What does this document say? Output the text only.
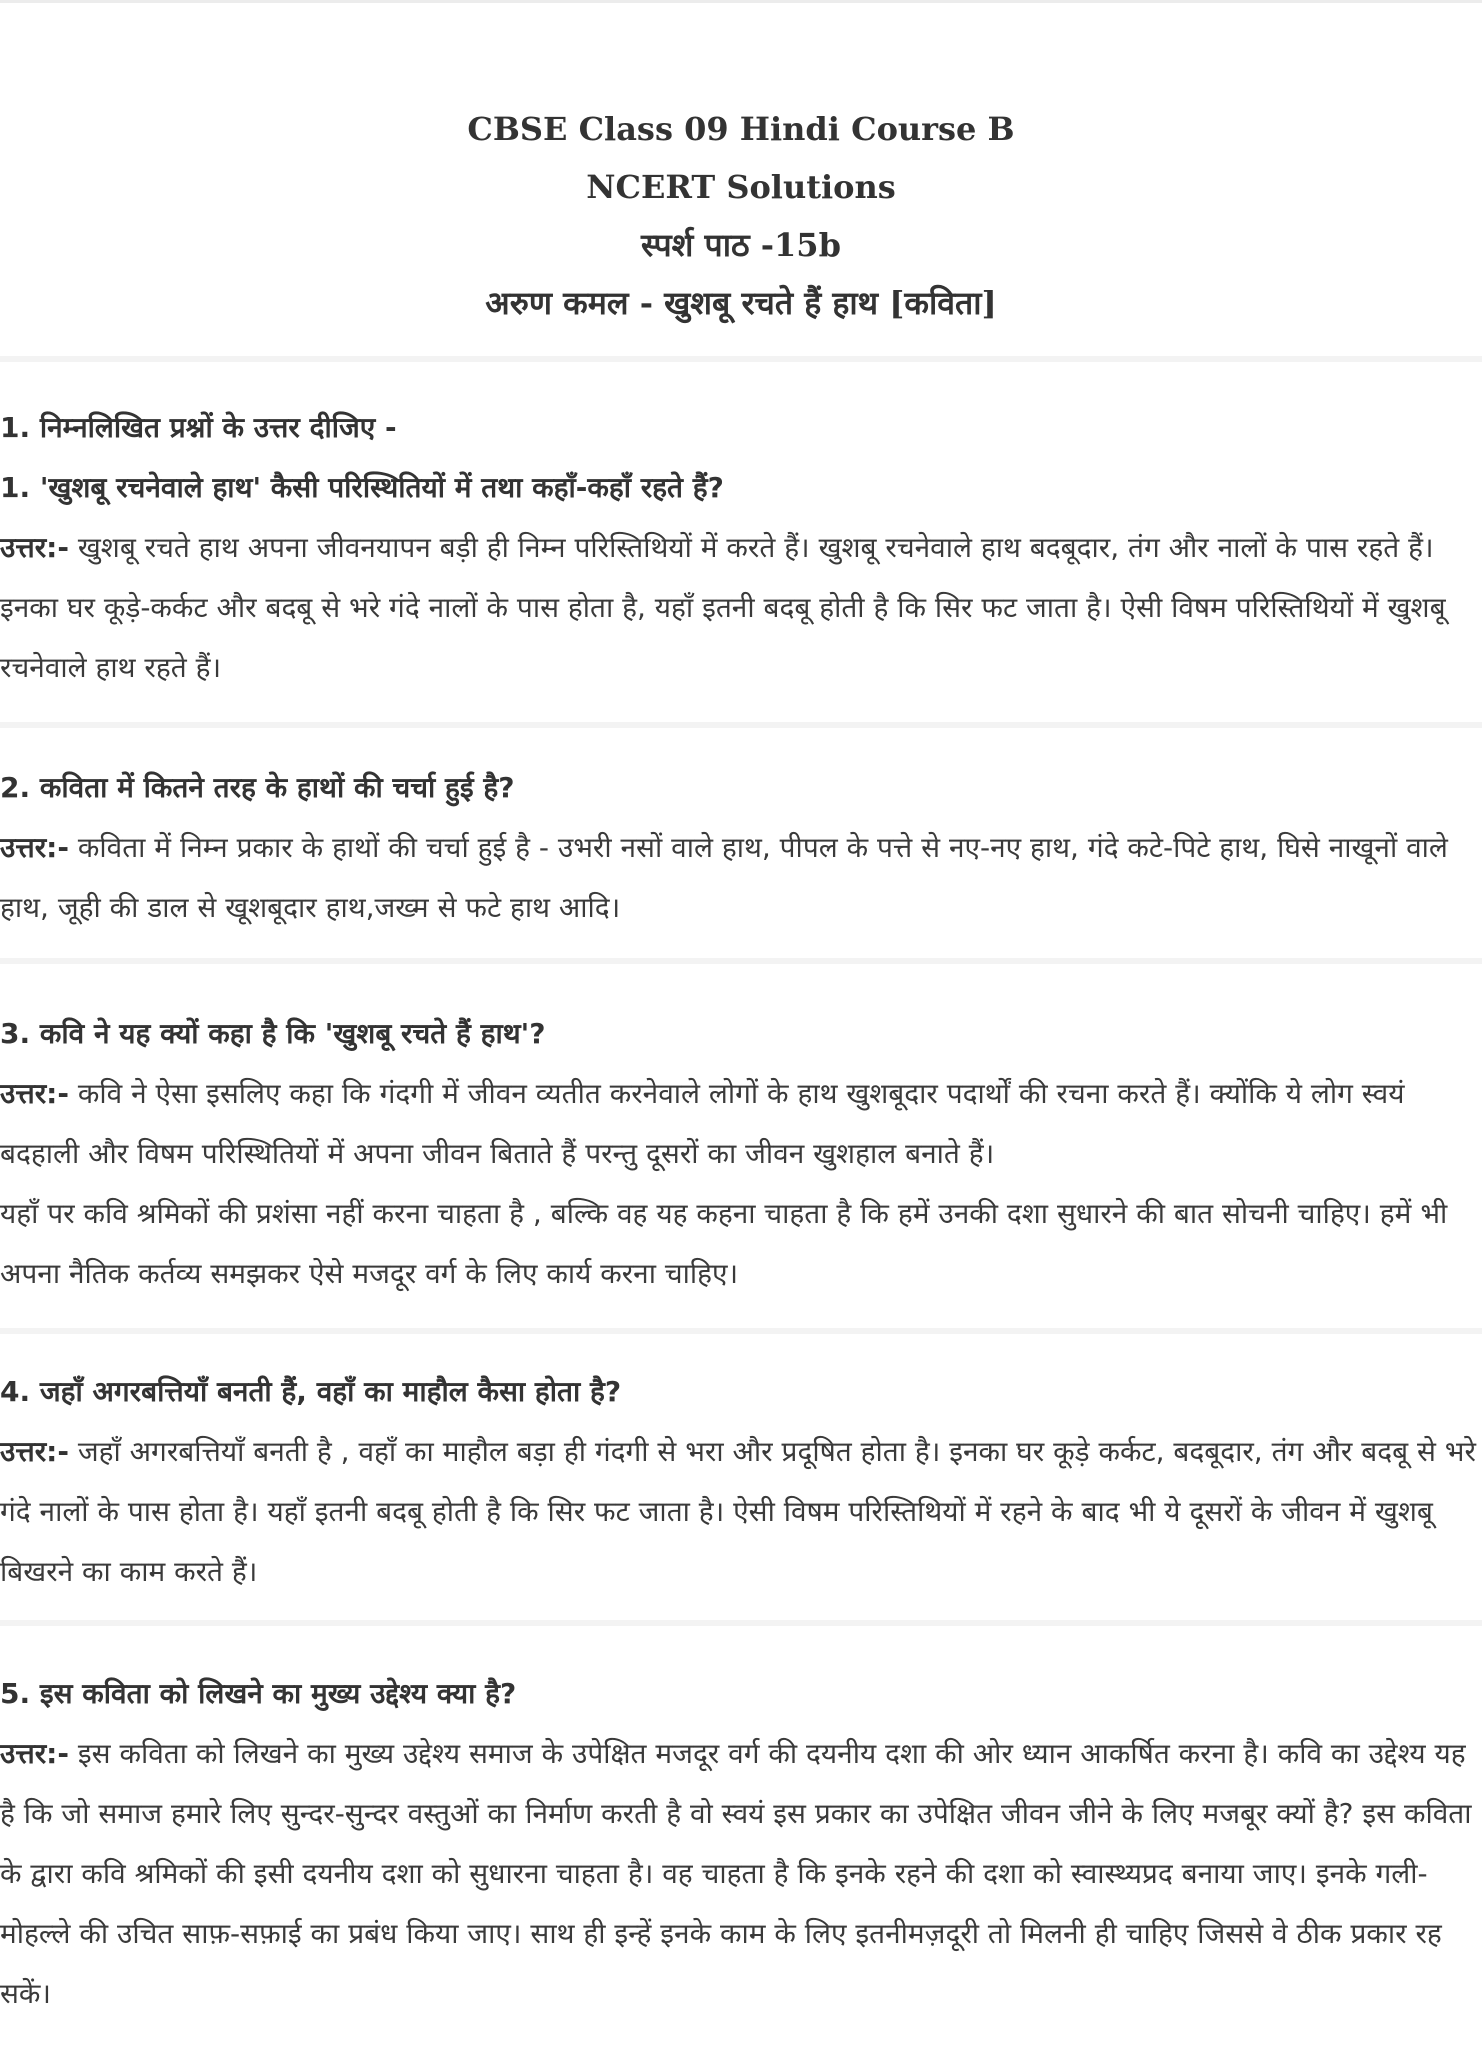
CBSE Class 09 Hindi Course B
NCERT Solutions
स्पर्श पाठ -15b
अरुण कमल - खुशबू रचते हैं हाथ [कविता]
1. निम्नलिखित प्रश्नों के उत्तर दीजिए -
1. 'खुशबू रचनेवाले हाथ' कैसी परिस्थितियों में तथा कहाँ-कहाँ रहते हैं?
उत्तर:- खुशबू रचते हाथ अपना जीवनयापन बड़ी ही निम्न परिस्तिथियों में करते हैं। खुशबू रचनेवाले हाथ बदबूदार, तंग और नालों के पास रहते हैं। इनका घर कूड़े-कर्कट और बदबू से भरे गंदे नालों के पास होता है, यहाँ इतनी बदबू होती है कि सिर फट जाता है। ऐसी विषम परिस्तिथियों में खुशबू रचनेवाले हाथ रहते हैं।
2. कविता में कितने तरह के हाथों की चर्चा हुई है?
उत्तर:- कविता में निम्न प्रकार के हाथों की चर्चा हुई है - उभरी नसों वाले हाथ, पीपल के पत्ते से नए-नए हाथ, गंदे कटे-पिटे हाथ, घिसे नाखूनों वाले हाथ, जूही की डाल से खूशबूदार हाथ,जख्म से फटे हाथ आदि।
3. कवि ने यह क्यों कहा है कि 'खुशबू रचते हैं हाथ'?
उत्तर:- कवि ने ऐसा इसलिए कहा कि गंदगी में जीवन व्यतीत करनेवाले लोगों के हाथ खुशबूदार पदार्थों की रचना करते हैं। क्योंकि ये लोग स्वयं बदहाली और विषम परिस्थितियों में अपना जीवन बिताते हैं परन्तु दूसरों का जीवन खुशहाल बनाते हैं।
यहाँ पर कवि श्रमिकों की प्रशंसा नहीं करना चाहता है , बल्कि वह यह कहना चाहता है कि हमें उनकी दशा सुधारने की बात सोचनी चाहिए। हमें भी अपना नैतिक कर्तव्य समझकर ऐसे मजदूर वर्ग के लिए कार्य करना चाहिए।
4. जहाँ अगरबत्तियाँ बनती हैं, वहाँ का माहौल कैसा होता है?
उत्तर:- जहाँ अगरबत्तियाँ बनती है , वहाँ का माहौल बड़ा ही गंदगी से भरा और प्रदूषित होता है। इनका घर कूड़े कर्कट, बदबूदार, तंग और बदबू से भरे गंदे नालों के पास होता है। यहाँ इतनी बदबू होती है कि सिर फट जाता है। ऐसी विषम परिस्तिथियों में रहने के बाद भी ये दूसरों के जीवन में खुशबू बिखरने का काम करते हैं।
5. इस कविता को लिखने का मुख्य उद्देश्य क्या है?
उत्तर:- इस कविता को लिखने का मुख्य उद्देश्य समाज के उपेक्षित मजदूर वर्ग की दयनीय दशा की ओर ध्यान आकर्षित करना है। कवि का उद्देश्य यह है कि जो समाज हमारे लिए सुन्दर-सुन्दर वस्तुओं का निर्माण करती है वो स्वयं इस प्रकार का उपेक्षित जीवन जीने के लिए मजबूर क्यों है? इस कविता के द्वारा कवि श्रमिकों की इसी दयनीय दशा को सुधारना चाहता है। वह चाहता है कि इनके रहने की दशा को स्वास्थ्यप्रद बनाया जाए। इनके गली-मोहल्ले की उचित साफ़-सफ़ाई का प्रबंध किया जाए। साथ ही इन्हें इनके काम के लिए इतनीमज़दूरी तो मिलनी ही चाहिए जिससे वे ठीक प्रकार रह सकें।
